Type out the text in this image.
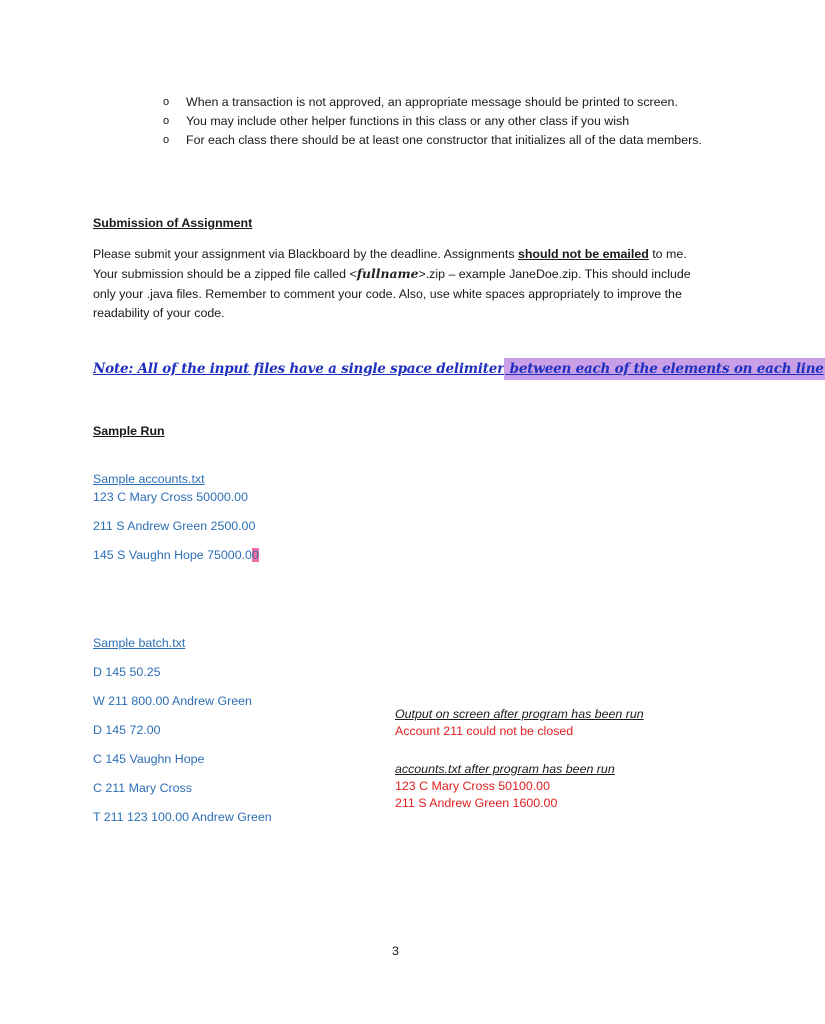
o	When a transaction is not approved, an appropriate message should be printed to screen.
o	You may include other helper functions in this class or any other class if you wish
o	For each class there should be at least one constructor that initializes all of the data members.
Submission of Assignment
Please submit your assignment via Blackboard by the deadline. Assignments should not be emailed to me. Your submission should be a zipped file called <fullname>.zip – example JaneDoe.zip. This should include only your .java files. Remember to comment your code. Also, use white spaces appropriately to improve the readability of your code.
Note: All of the input files have a single space delimiter between each of the elements on each line
Sample Run
Sample accounts.txt
123 C Mary Cross 50000.00
211 S Andrew Green 2500.00
145 S Vaughn Hope 75000.00
Sample batch.txt
D 145 50.25
W 211 800.00 Andrew Green
D 145 72.00
C 145 Vaughn Hope
C 211 Mary Cross
T 211 123 100.00 Andrew Green
Output on screen after program has been run
Account 211 could not be closed
accounts.txt after program has been run
123 C Mary Cross 50100.00
211 S Andrew Green 1600.00
3
